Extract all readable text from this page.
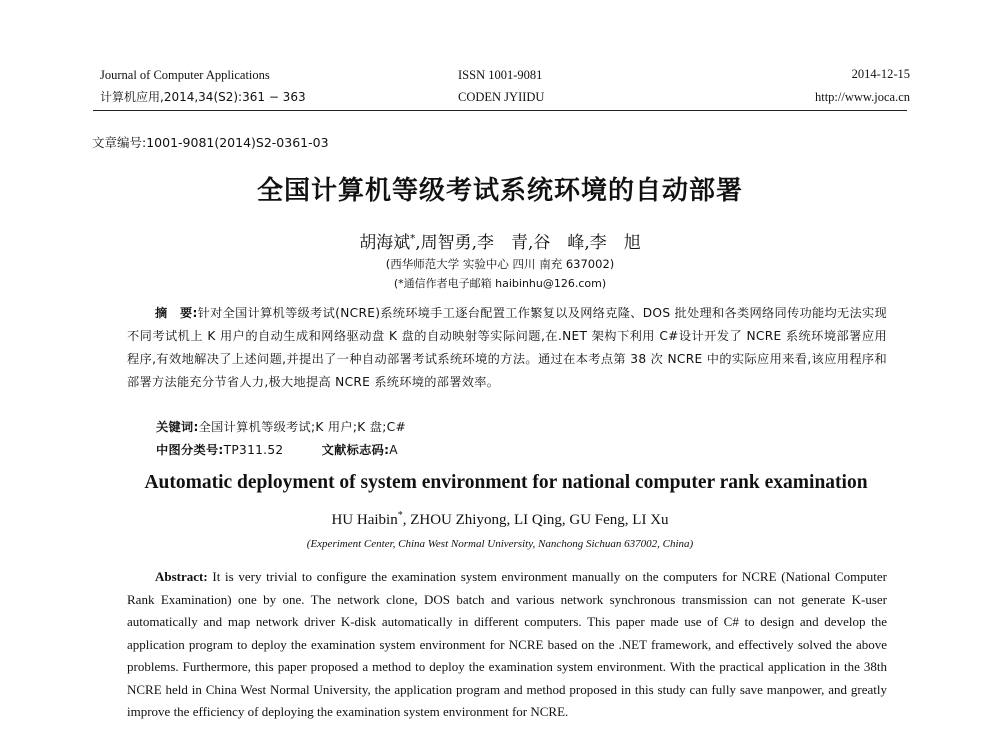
Journal of Computer Applications
计算机应用,2014,34(S2):361 − 363
ISSN 1001-9081
CODEN JYIIDU
2014-12-15
http://www.joca.cn
文章编号:1001-9081(2014)S2-0361-03
全国计算机等级考试系统环境的自动部署
胡海斌*,周智勇,李　青,谷　峰,李　旭
(西华师范大学 实验中心 四川 南充 637002)
(*通信作者电子邮箱 haibinhu@126.com)
摘　要:针对全国计算机等级考试(NCRE)系统环境手工逐台配置工作繁复以及网络克隆、DOS 批处理和各类网络同传功能均无法实现不同考试机上 K 用户的自动生成和网络驱动盘 K 盘的自动映射等实际问题,在.NET 架构下利用 C#设计开发了 NCRE 系统环境部署应用程序,有效地解决了上述问题,并提出了一种自动部署考试系统环境的方法。通过在本考点第 38 次 NCRE 中的实际应用来看,该应用程序和部署方法能充分节省人力,极大地提高 NCRE 系统环境的部署效率。
关键词:全国计算机等级考试;K 用户;K 盘;C#
中图分类号:TP311.52	文献标志码:A
Automatic deployment of system environment for national computer rank examination
HU Haibin*, ZHOU Zhiyong, LI Qing, GU Feng, LI Xu
(Experiment Center, China West Normal University, Nanchong Sichuan 637002, China)
Abstract: It is very trivial to configure the examination system environment manually on the computers for NCRE (National Computer Rank Examination) one by one. The network clone, DOS batch and various network synchronous transmission can not generate K-user automatically and map network driver K-disk automatically in different computers. This paper made use of C# to design and develop the application program to deploy the examination system environment for NCRE based on the .NET framework, and effectively solved the above problems. Furthermore, this paper proposed a method to deploy the examination system environment. With the practical application in the 38th NCRE held in China West Normal University, the application program and method proposed in this study can fully save manpower, and greatly improve the efficiency of deploying the examination system environment for NCRE.
